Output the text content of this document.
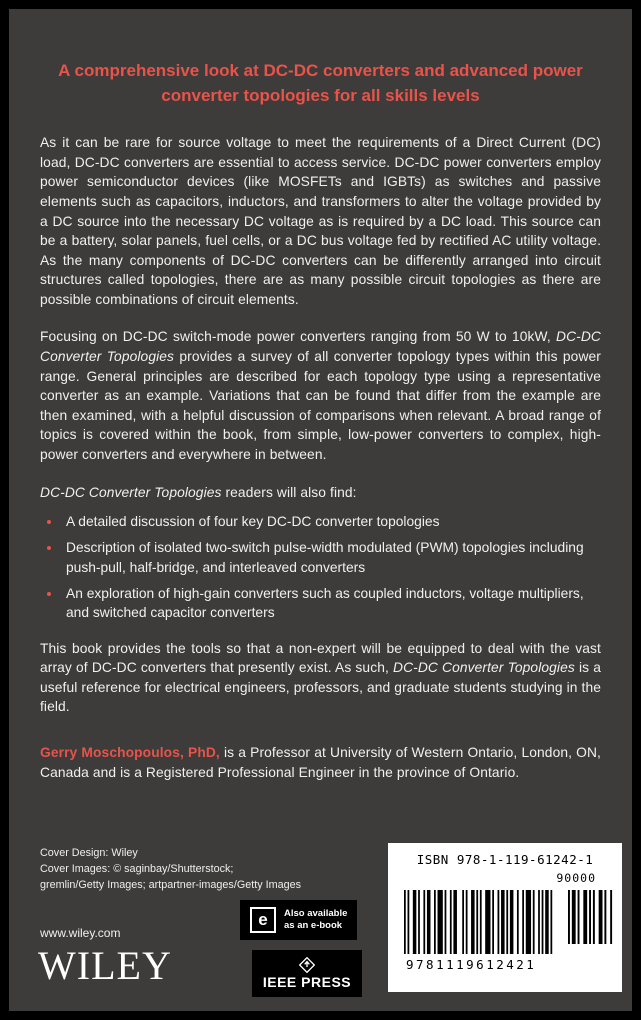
A comprehensive look at DC-DC converters and advanced power converter topologies for all skills levels

As it can be rare for source voltage to meet the requirements of a Direct Current (DC) load, DC-DC converters are essential to access service. DC-DC power converters employ power semiconductor devices (like MOSFETs and IGBTs) as switches and passive elements such as capacitors, inductors, and transformers to alter the voltage provided by a DC source into the necessary DC voltage as is required by a DC load. This source can be a battery, solar panels, fuel cells, or a DC bus voltage fed by rectified AC utility voltage. As the many components of DC-DC converters can be differently arranged into circuit structures called topologies, there are as many possible circuit topologies as there are possible combinations of circuit elements.

Focusing on DC-DC switch-mode power converters ranging from 50 W to 10kW, DC-DC Converter Topologies provides a survey of all converter topology types within this power range. General principles are described for each topology type using a representative converter as an example. Variations that can be found that differ from the example are then examined, with a helpful discussion of comparisons when relevant. A broad range of topics is covered within the book, from simple, low-power converters to complex, high-power converters and everywhere in between.

DC-DC Converter Topologies readers will also find:

• A detailed discussion of four key DC-DC converter topologies
• Description of isolated two-switch pulse-width modulated (PWM) topologies including push-pull, half-bridge, and interleaved converters
• An exploration of high-gain converters such as coupled inductors, voltage multipliers, and switched capacitor converters

This book provides the tools so that a non-expert will be equipped to deal with the vast array of DC-DC converters that presently exist. As such, DC-DC Converter Topologies is a useful reference for electrical engineers, professors, and graduate students studying in the field.

Gerry Moschopoulos, PhD, is a Professor at University of Western Ontario, London, ON, Canada and is a Registered Professional Engineer in the province of Ontario.

Cover Design: Wiley
Cover Images: © saginbay/Shutterstock;
gremlin/Getty Images; artpartner-images/Getty Images
www.wiley.com
WILEY
e	Also available
as an e-book
IEEE PRESS
ISBN 978-1-119-61242-1
90000
9781119612421
